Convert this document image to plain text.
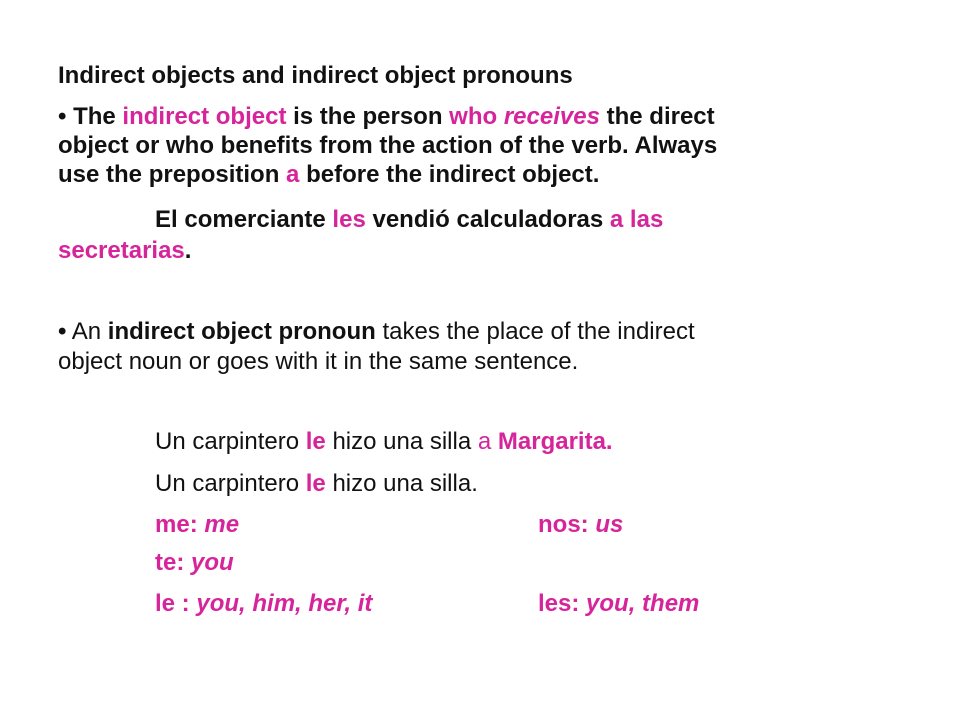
Indirect objects and indirect object pronouns
• The indirect object is the person who receives the direct
object or who benefits from the action of the verb. Always
use the preposition a before the indirect object.
El comerciante les vendió calculadoras a las
secretarias.
• An indirect object pronoun takes the place of the indirect
object noun or goes with it in the same sentence.
Un carpintero le hizo una silla a Margarita.
Un carpintero le hizo una silla.
me: me	nos: us
te: you
le : you, him, her, it	les: you, them
